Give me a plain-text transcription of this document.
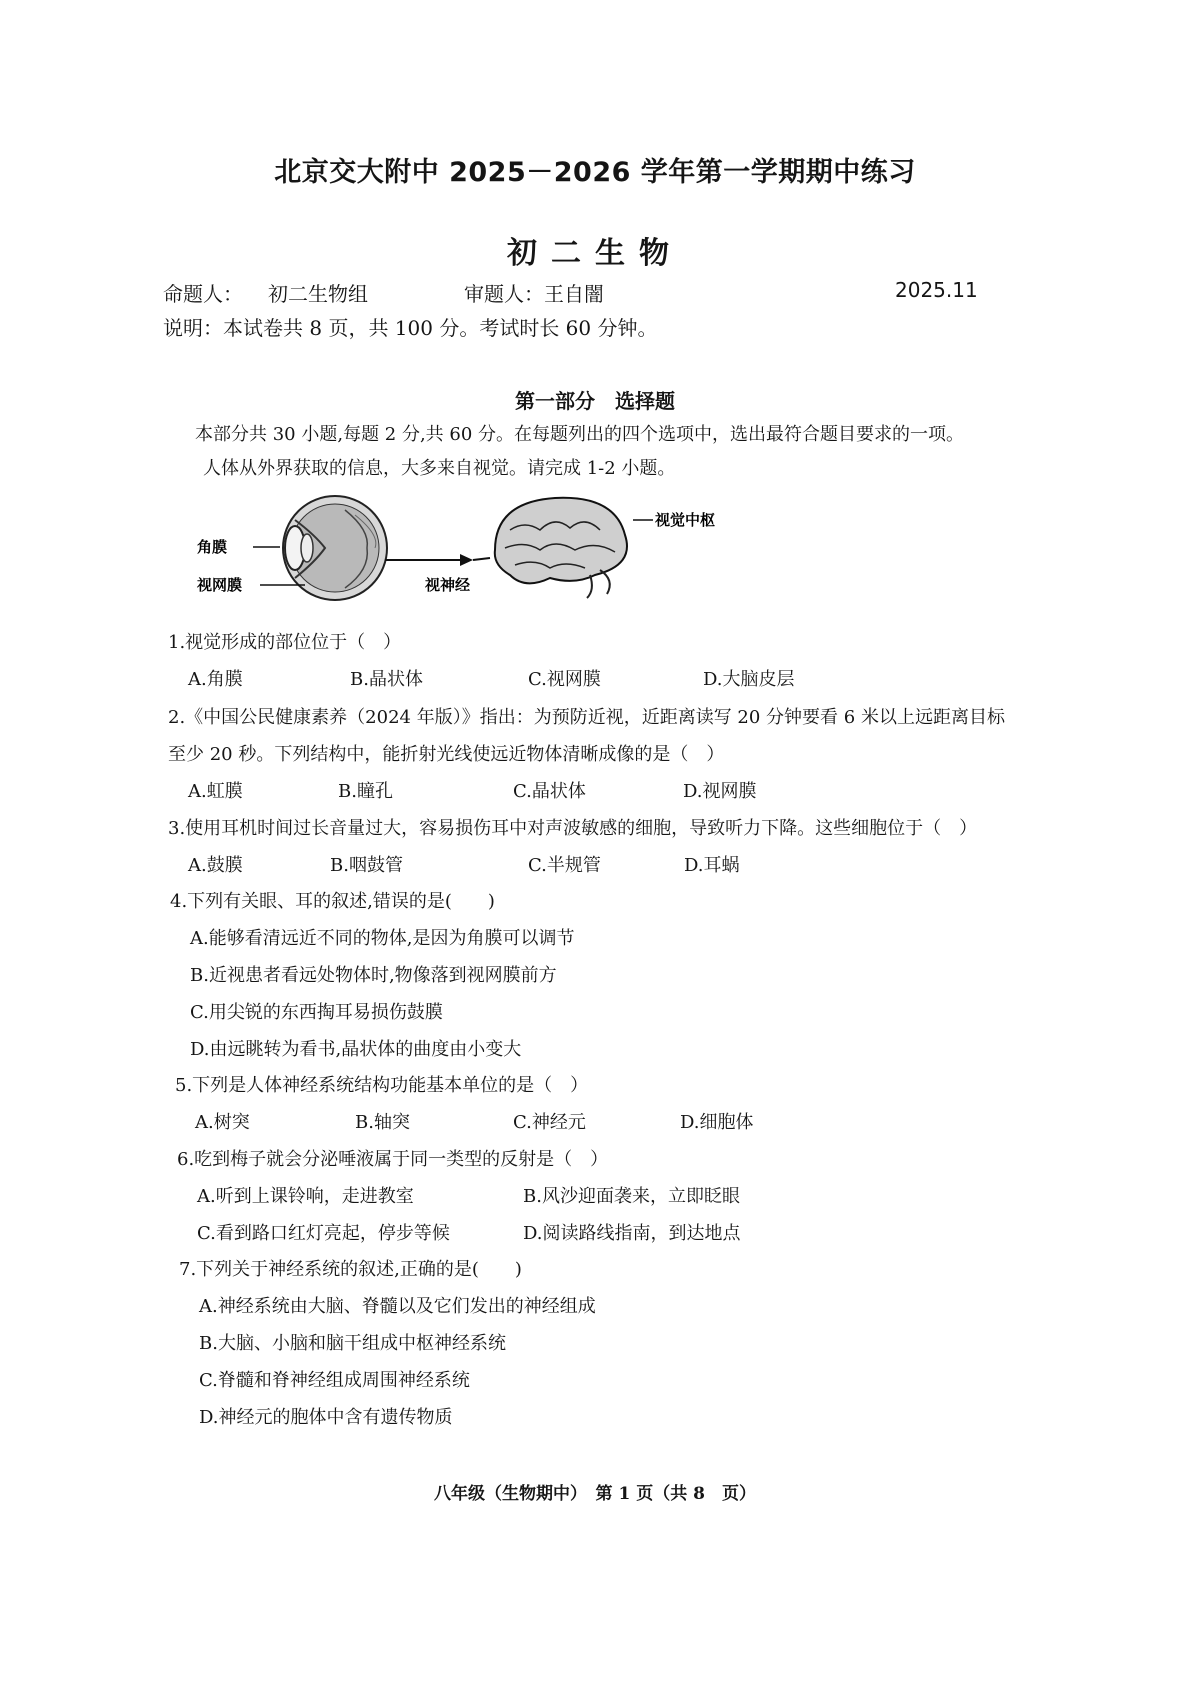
北京交大附中 2025－2026 学年第一学期期中练习
初二生物
命题人： 初二生物组	审题人： 王自闇	2025.11
说明：本试卷共 8 页，共 100 分。考试时长 60 分钟。
第一部分　选择题
本部分共 30 小题,每题 2 分,共 60 分。在每题列出的四个选项中，选出最符合题目要求的一项。
人体从外界获取的信息，大多来自视觉。请完成 1-2 小题。
角膜
视网膜	视神经
视觉中枢
1.视觉形成的部位位于（　）
A.角膜	B.晶状体	C.视网膜	D.大脑皮层
2.《中国公民健康素养（2024 年版）》指出：为预防近视，近距离读写 20 分钟要看 6 米以上远距离目标
至少 20 秒。下列结构中，能折射光线使远近物体清晰成像的是（　）
A.虹膜	B.瞳孔	C.晶状体	D.视网膜
3.使用耳机时间过长音量过大，容易损伤耳中对声波敏感的细胞，导致听力下降。这些细胞位于（　）
A.鼓膜	B.咽鼓管	C.半规管	D.耳蜗
4.下列有关眼、耳的叙述,错误的是(　　)
A.能够看清远近不同的物体,是因为角膜可以调节
B.近视患者看远处物体时,物像落到视网膜前方
C.用尖锐的东西掏耳易损伤鼓膜
D.由远眺转为看书,晶状体的曲度由小变大
5.下列是人体神经系统结构功能基本单位的是（　）
A.树突	B.轴突	C.神经元	D.细胞体
6.吃到梅子就会分泌唾液属于同一类型的反射是（　）
A.听到上课铃响，走进教室	B.风沙迎面袭来，立即眨眼
C.看到路口红灯亮起，停步等候	D.阅读路线指南，到达地点
7.下列关于神经系统的叙述,正确的是(　　)
A.神经系统由大脑、脊髓以及它们发出的神经组成
B.大脑、小脑和脑干组成中枢神经系统
C.脊髓和脊神经组成周围神经系统
D.神经元的胞体中含有遗传物质
八年级（生物期中）　第 1 页（共 8　页）
